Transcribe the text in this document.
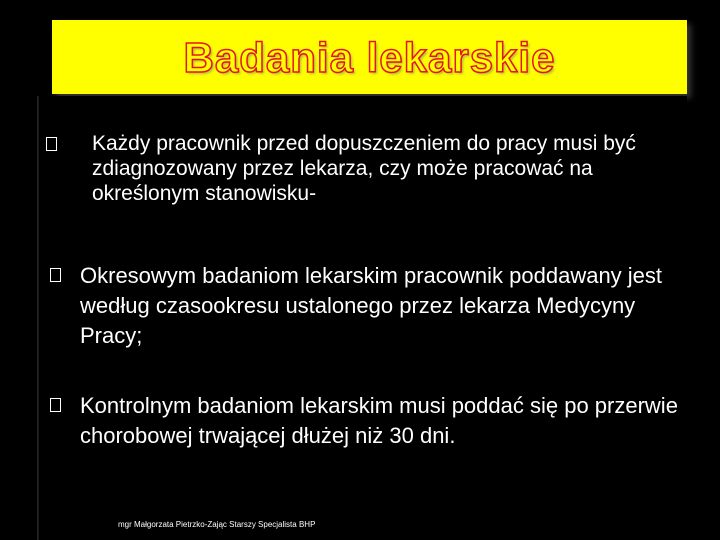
Badania lekarskie
Każdy pracownik przed dopuszczeniem do pracy musi być zdiagnozowany przez lekarza, czy może pracować na określonym stanowisku-
Okresowym badaniom lekarskim pracownik poddawany jest według czasookresu ustalonego przez lekarza Medycyny Pracy;
Kontrolnym badaniom lekarskim musi poddać się po przerwie chorobowej trwającej dłużej niż 30 dni.
mgr Małgorzata Pietrzko-Zając Starszy Specjalista BHP
